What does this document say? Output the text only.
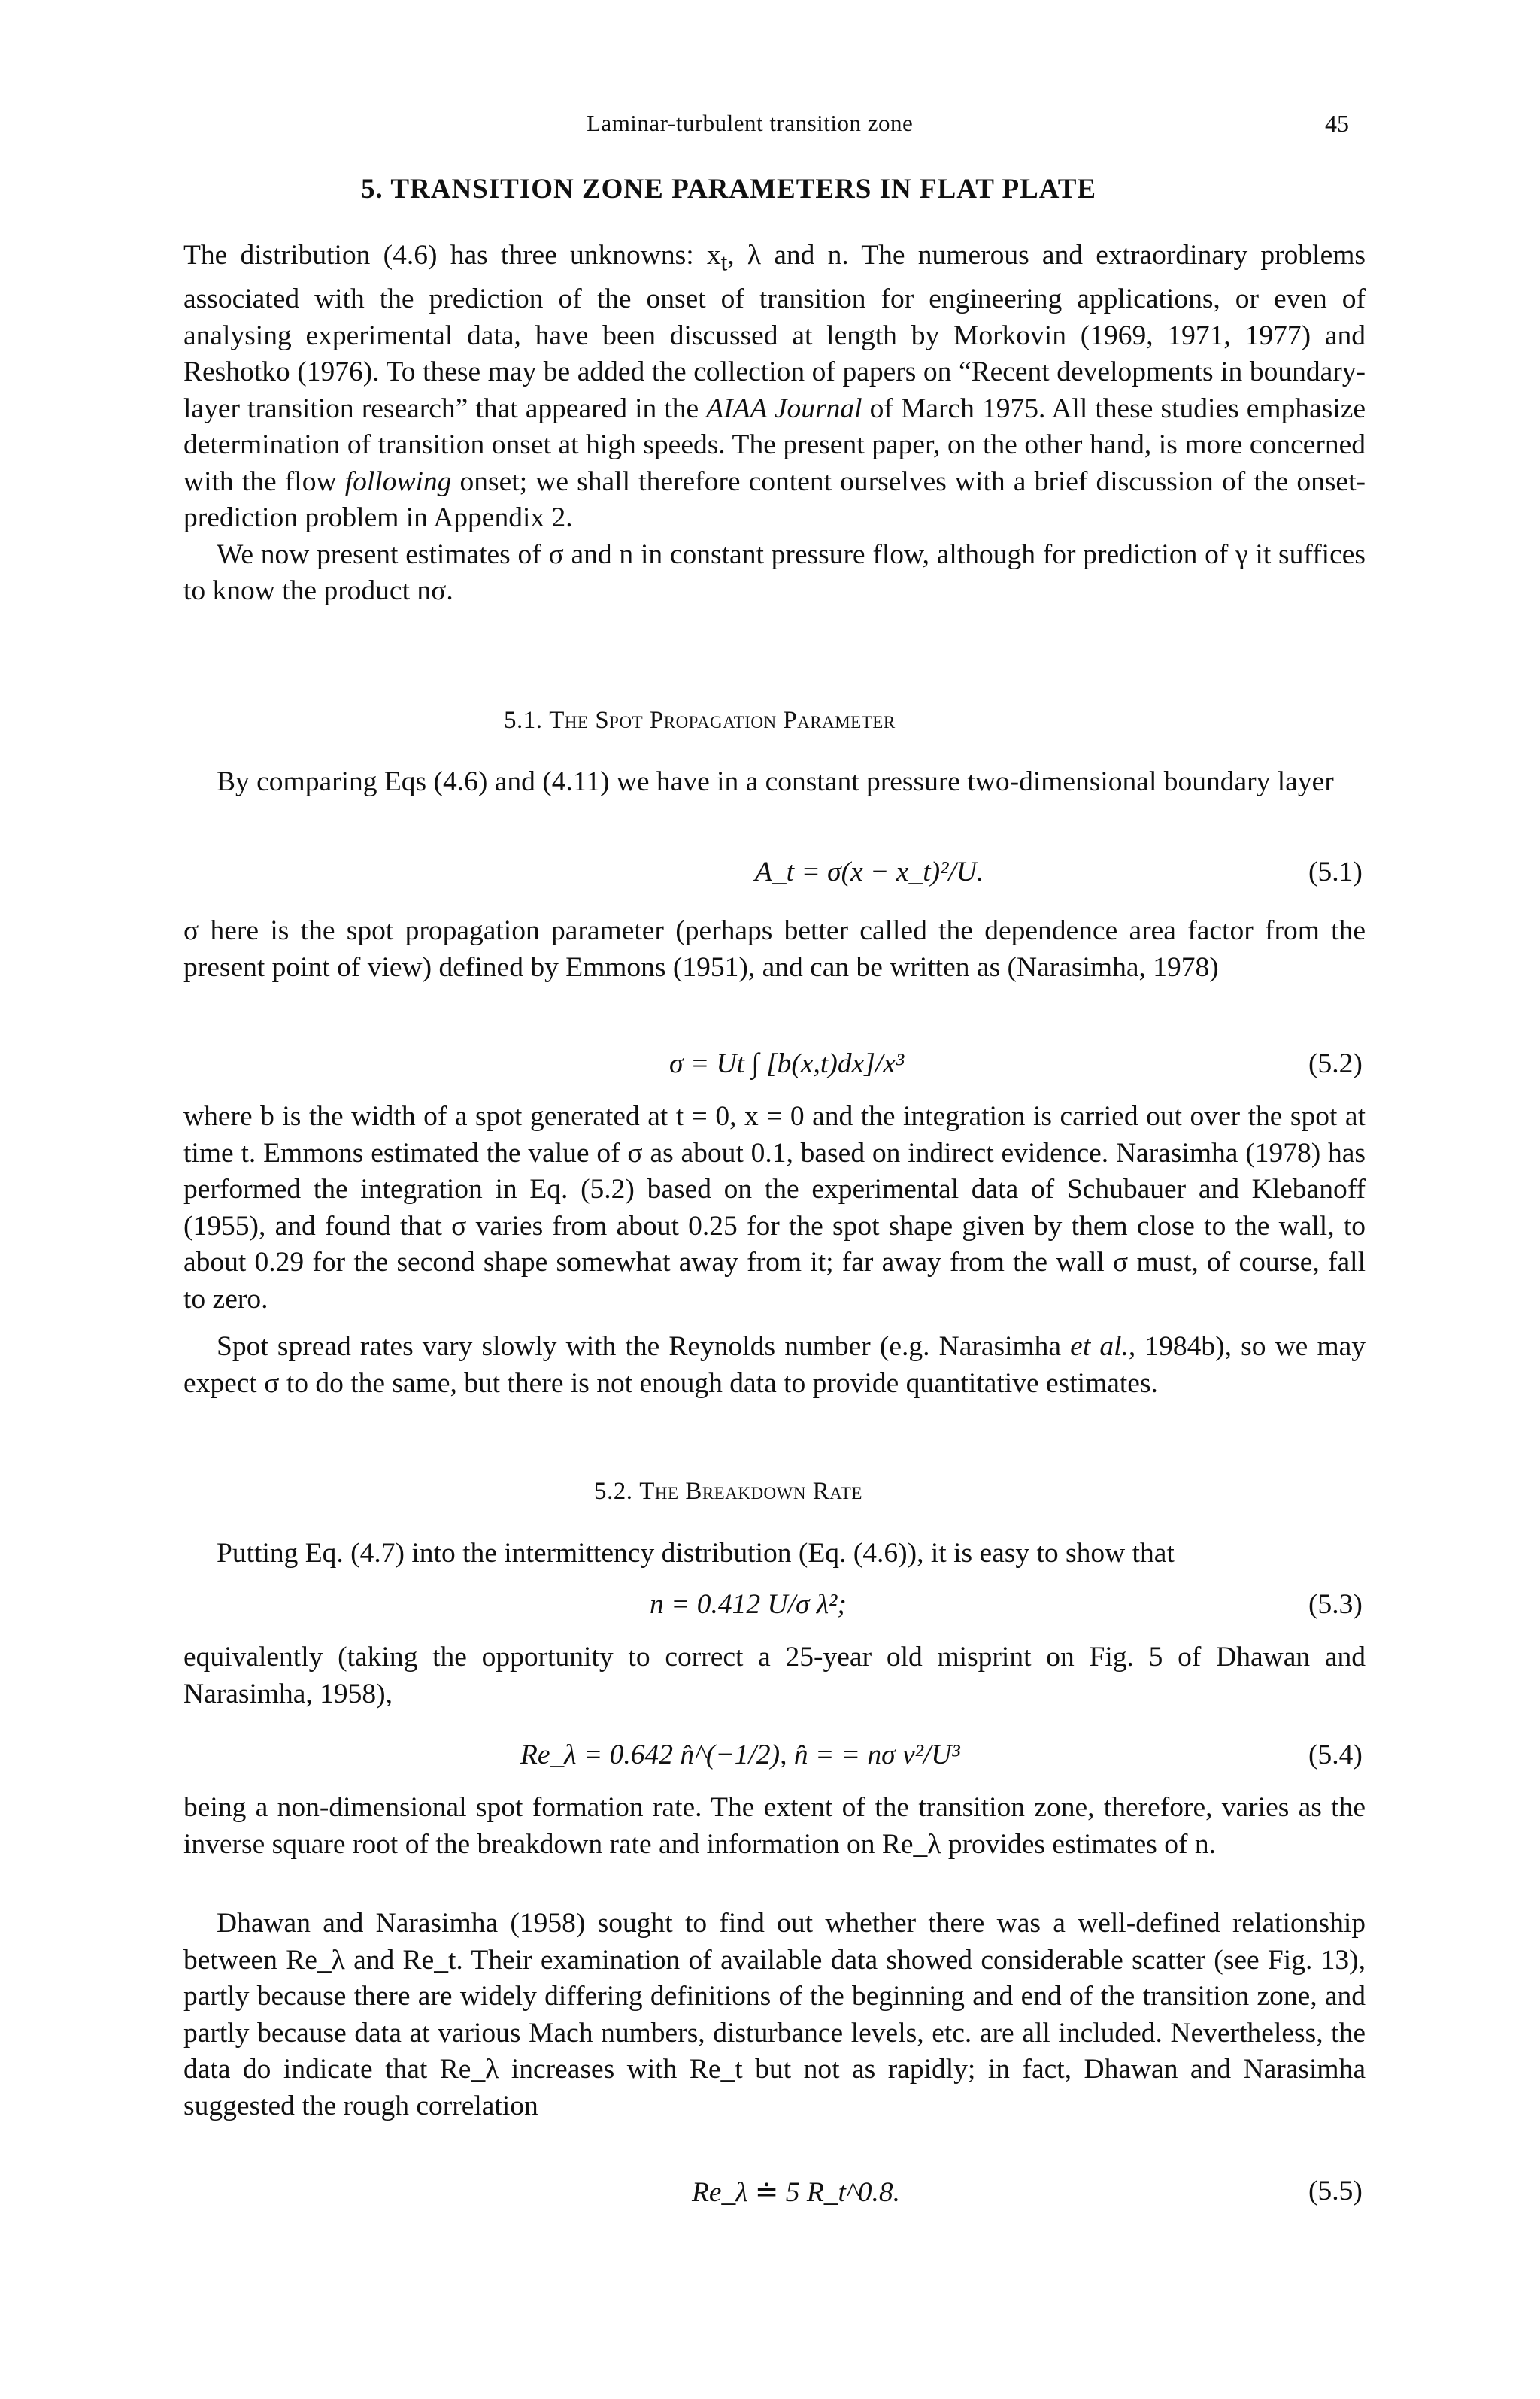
Laminar-turbulent transition zone	45
5. TRANSITION ZONE PARAMETERS IN FLAT PLATE

The distribution (4.6) has three unknowns: $x_t$, λ and n. The numerous and extraordinary problems associated with the prediction of the onset of transition for engineering applications, or even of analysing experimental data, have been discussed at length by Morkovin (1969, 1971, 1977) and Reshotko (1976). To these may be added the collection of papers on “Recent developments in boundary-layer transition research” that appeared in the AIAA Journal of March 1975. All these studies emphasize determination of transition onset at high speeds. The present paper, on the other hand, is more concerned with the flow following onset; we shall therefore content ourselves with a brief discussion of the onset-prediction problem in Appendix 2.

We now present estimates of σ and n in constant pressure flow, although for prediction of γ it suffices to know the product nσ.

5.1. The Spot Propagation Parameter
By comparing Eqs (4.6) and (4.11) we have in a constant pressure two-dimensional boundary layer
A_t = σ(x − x_t)²/U.	(5.1)
σ here is the spot propagation parameter (perhaps better called the dependence area factor from the present point of view) defined by Emmons (1951), and can be written as (Narasimha, 1978)
σ = Ut ∫ [b(x,t)dx]/x³	(5.2)
where b is the width of a spot generated at t = 0, x = 0 and the integration is carried out over the spot at time t. Emmons estimated the value of σ as about 0.1, based on indirect evidence. Narasimha (1978) has performed the integration in Eq. (5.2) based on the experimental data of Schubauer and Klebanoff (1955), and found that σ varies from about 0.25 for the spot shape given by them close to the wall, to about 0.29 for the second shape somewhat away from it; far away from the wall σ must, of course, fall to zero.
Spot spread rates vary slowly with the Reynolds number (e.g. Narasimha et al., 1984b), so we may expect σ to do the same, but there is not enough data to provide quantitative estimates.
5.2. The Breakdown Rate
Putting Eq. (4.7) into the intermittency distribution (Eq. (4.6)), it is easy to show that
n = 0.412 U/σ λ²;	(5.3)
equivalently (taking the opportunity to correct a 25-year old misprint on Fig. 5 of Dhawan and Narasimha, 1958),
Re_λ = 0.642 n̂^(−1/2), n̂ = = nσ ν²/U³	(5.4)
being a non-dimensional spot formation rate. The extent of the transition zone, therefore, varies as the inverse square root of the breakdown rate and information on Re_λ provides estimates of n.
Dhawan and Narasimha (1958) sought to find out whether there was a well-defined relationship between Re_λ and Re_t. Their examination of available data showed considerable scatter (see Fig. 13), partly because there are widely differing definitions of the beginning and end of the transition zone, and partly because data at various Mach numbers, disturbance levels, etc. are all included. Nevertheless, the data do indicate that Re_λ increases with Re_t but not as rapidly; in fact, Dhawan and Narasimha suggested the rough correlation
Re_λ ≐ 5 R_t^0.8.	(5.5)
